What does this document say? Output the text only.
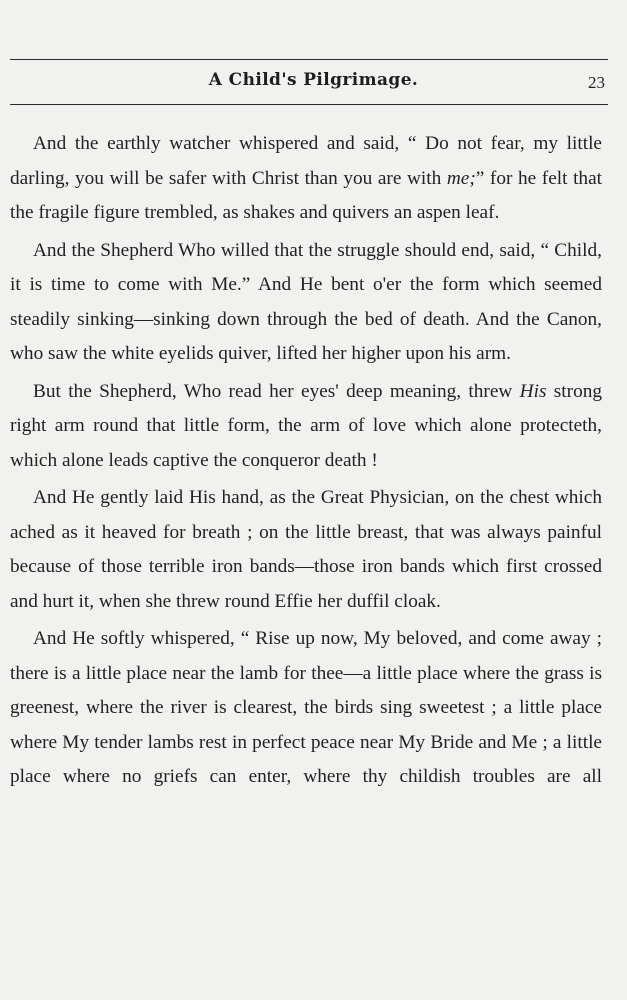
A Child's Pilgrimage.	23

And the earthly watcher whispered and said, “ Do not fear, my little darling, you will be safer with Christ than you are with me;” for he felt that the fragile figure trembled, as shakes and quivers an aspen leaf.

And the Shepherd Who willed that the struggle should end, said, “ Child, it is time to come with Me.” And He bent o'er the form which seemed steadily sinking—sinking down through the bed of death. And the Canon, who saw the white eyelids quiver, lifted her higher upon his arm.

But the Shepherd, Who read her eyes' deep meaning, threw His strong right arm round that little form, the arm of love which alone protecteth, which alone leads captive the conqueror death !

And He gently laid His hand, as the Great Physician, on the chest which ached as it heaved for breath ; on the little breast, that was always painful because of those terrible iron bands—those iron bands which first crossed and hurt it, when she threw round Effie her duffil cloak.

And He softly whispered, “ Rise up now, My beloved, and come away ; there is a little place near the lamb for thee—a little place where the grass is greenest, where the river is clearest, the birds sing sweetest ; a little place where My tender lambs rest in perfect peace near My Bride and Me ; a little place where no griefs can enter, where thy childish troubles are all
